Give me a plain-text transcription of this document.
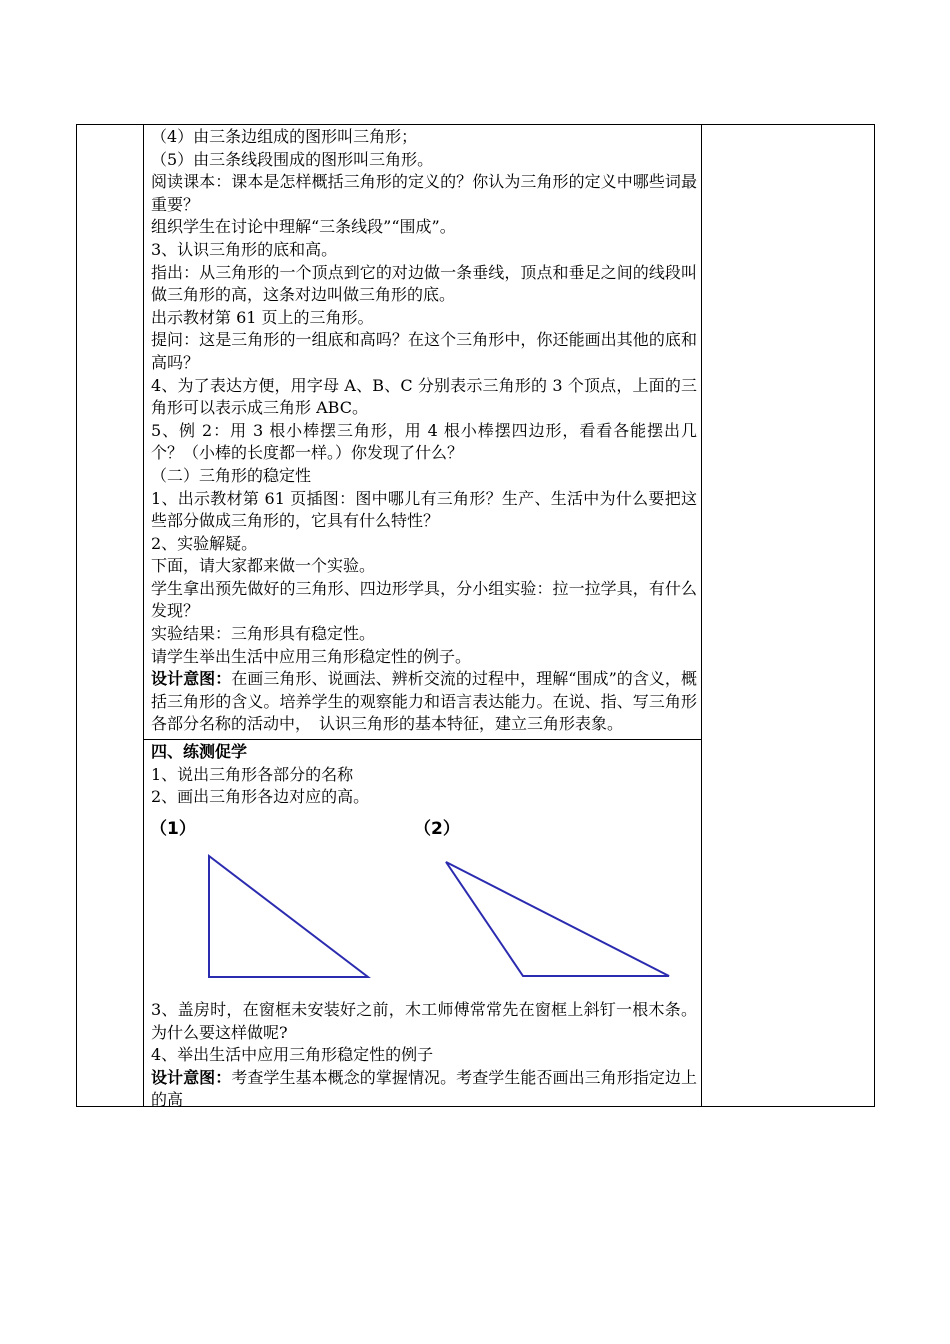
（4）由三条边组成的图形叫三角形；

（5）由三条线段围成的图形叫三角形。

阅读课本：课本是怎样概括三角形的定义的？你认为三角形的定义中哪些词最重要？

组织学生在讨论中理解“三条线段”“围成”。

3、认识三角形的底和高。

指出：从三角形的一个顶点到它的对边做一条垂线，顶点和垂足之间的线段叫做三角形的高，这条对边叫做三角形的底。

出示教材第 61 页上的三角形。

提问：这是三角形的一组底和高吗？在这个三角形中，你还能画出其他的底和高吗？

4、为了表达方便，用字母 A、B、C 分别表示三角形的 3 个顶点，上面的三角形可以表示成三角形 ABC。

5、例 2：用 3 根小棒摆三角形，用 4 根小棒摆四边形，看看各能摆出几个？（小棒的长度都一样。）你发现了什么？

（二）三角形的稳定性

1、出示教材第 61 页插图：图中哪儿有三角形？生产、生活中为什么要把这些部分做成三角形的，它具有什么特性？

2、实验解疑。

下面，请大家都来做一个实验。

学生拿出预先做好的三角形、四边形学具，分小组实验：拉一拉学具，有什么发现？

实验结果：三角形具有稳定性。

请学生举出生活中应用三角形稳定性的例子。

设计意图：在画三角形、说画法、辨析交流的过程中，理解“围成”的含义，概括三角形的含义。培养学生的观察能力和语言表达能力。在说、指、写三角形各部分名称的活动中，　认识三角形的基本特征，建立三角形表象。

四、练测促学

1、说出三角形各部分的名称

2、画出三角形各边对应的高。

（1）	（2）

3、盖房时，在窗框未安装好之前，木工师傅常常先在窗框上斜钉一根木条。为什么要这样做呢?

4、举出生活中应用三角形稳定性的例子

设计意图：考查学生基本概念的掌握情况。考查学生能否画出三角形指定边上的高
